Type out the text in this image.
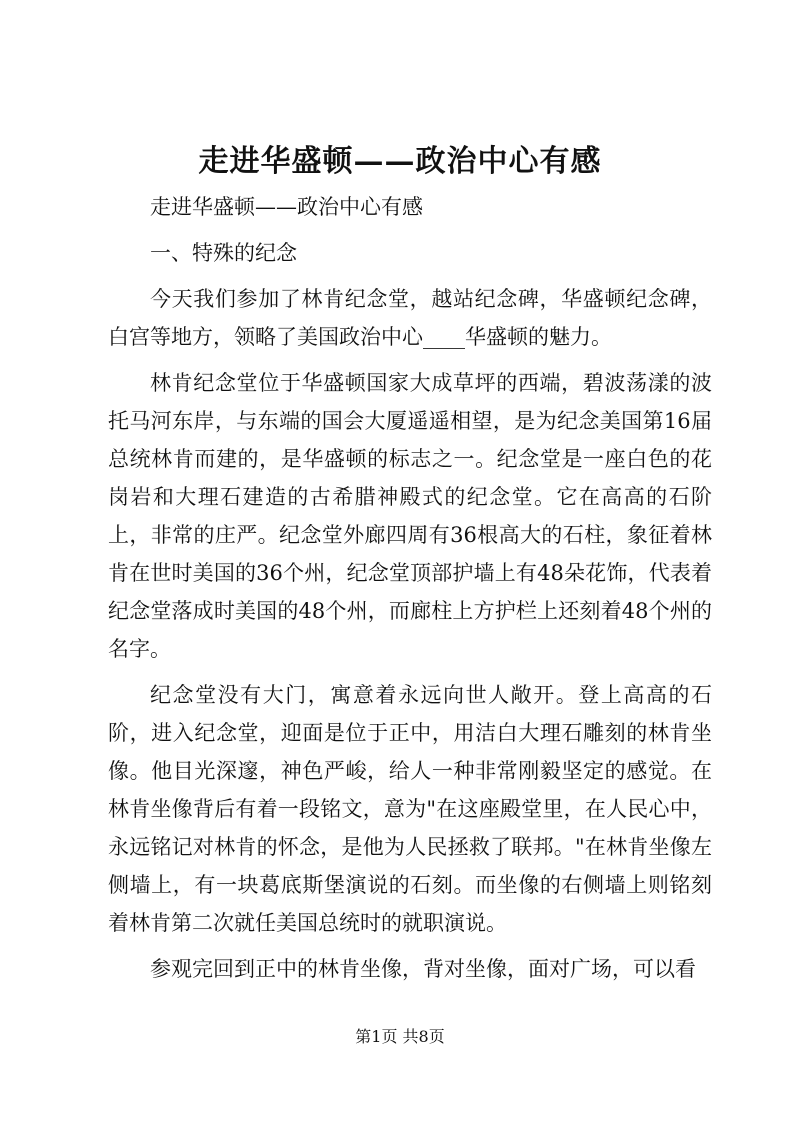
走进华盛顿——政治中心有感

走进华盛顿——政治中心有感

一、特殊的纪念

今天我们参加了林肯纪念堂，越站纪念碑，华盛顿纪念碑，白宫等地方，领略了美国政治中心____华盛顿的魅力。

林肯纪念堂位于华盛顿国家大成草坪的西端，碧波荡漾的波托马河东岸，与东端的国会大厦遥遥相望，是为纪念美国第16届总统林肯而建的，是华盛顿的标志之一。纪念堂是一座白色的花岗岩和大理石建造的古希腊神殿式的纪念堂。它在高高的石阶上，非常的庄严。纪念堂外廊四周有36根高大的石柱，象征着林肯在世时美国的36个州，纪念堂顶部护墙上有48朵花饰，代表着纪念堂落成时美国的48个州，而廊柱上方护栏上还刻着48个州的名字。

纪念堂没有大门，寓意着永远向世人敞开。登上高高的石阶，进入纪念堂，迎面是位于正中，用洁白大理石雕刻的林肯坐像。他目光深邃，神色严峻，给人一种非常刚毅坚定的感觉。在林肯坐像背后有着一段铭文，意为"在这座殿堂里，在人民心中，永远铭记对林肯的怀念，是他为人民拯救了联邦。"在林肯坐像左侧墙上，有一块葛底斯堡演说的石刻。而坐像的右侧墙上则铭刻着林肯第二次就任美国总统时的就职演说。

参观完回到正中的林肯坐像，背对坐像，面对广场，可以看

第1页 共8页
